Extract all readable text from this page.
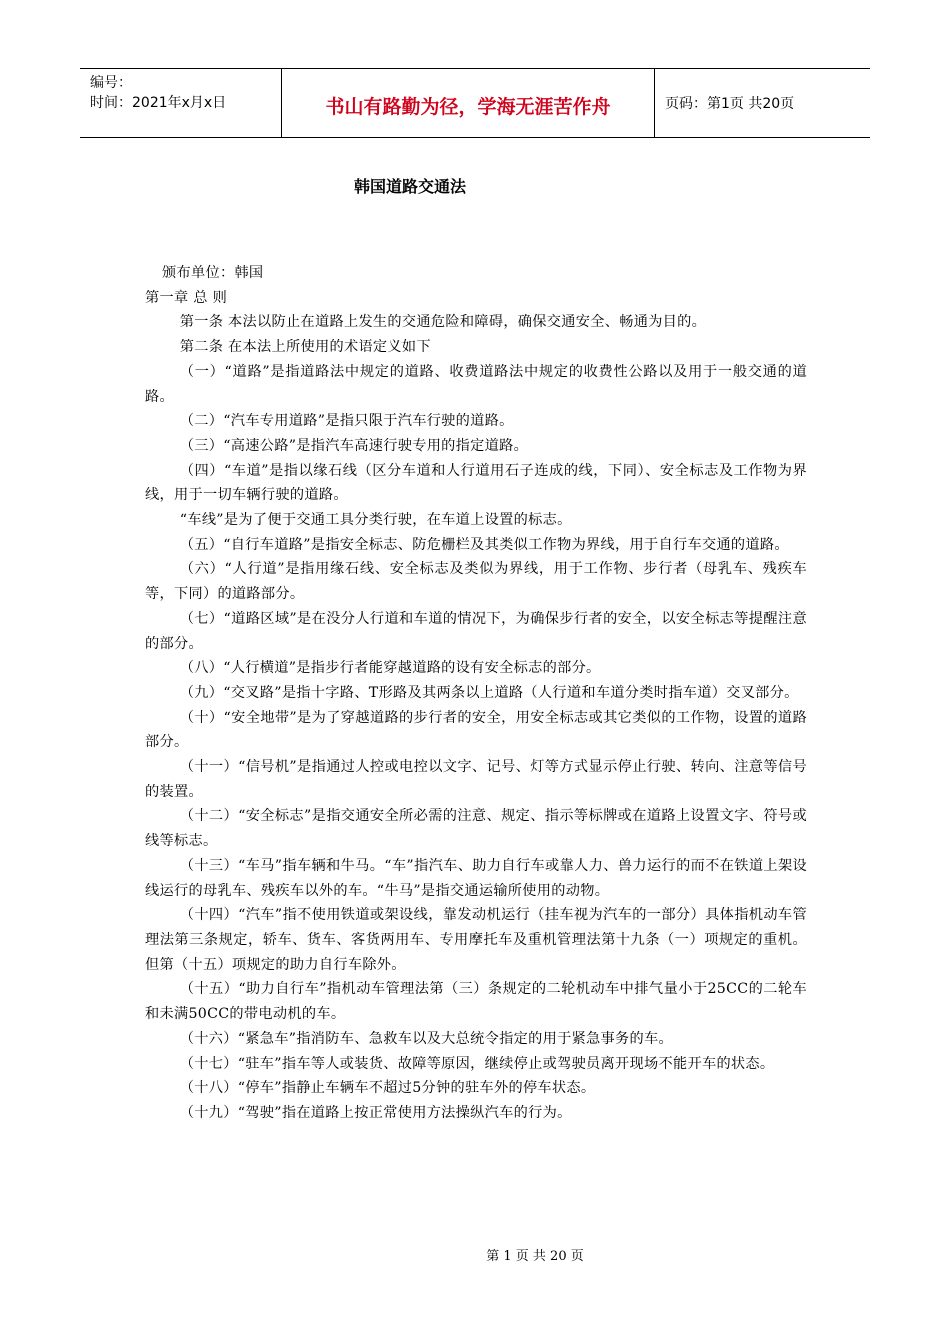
编号：
时间：2021年x月x日	书山有路勤为径，学海无涯苦作舟	页码：第1页 共20页
韩国道路交通法

颁布单位：韩国

第一章 总 则

第一条 本法以防止在道路上发生的交通危险和障碍，确保交通安全、畅通为目的。

第二条 在本法上所使用的术语定义如下

（一）“道路”是指道路法中规定的道路、收费道路法中规定的收费性公路以及用于一般交通的道路。

（二）“汽车专用道路”是指只限于汽车行驶的道路。

（三）“高速公路”是指汽车高速行驶专用的指定道路。

（四）“车道”是指以缘石线（区分车道和人行道用石子连成的线，下同）、安全标志及工作物为界线，用于一切车辆行驶的道路。

“车线”是为了便于交通工具分类行驶，在车道上设置的标志。

（五）“自行车道路”是指安全标志、防危栅栏及其类似工作物为界线，用于自行车交通的道路。

（六）“人行道”是指用缘石线、安全标志及类似为界线，用于工作物、步行者（母乳车、残疾车等，下同）的道路部分。

（七）“道路区域”是在没分人行道和车道的情况下，为确保步行者的安全，以安全标志等提醒注意的部分。

（八）“人行横道”是指步行者能穿越道路的设有安全标志的部分。

（九）“交叉路”是指十字路、T形路及其两条以上道路（人行道和车道分类时指车道）交叉部分。

（十）“安全地带”是为了穿越道路的步行者的安全，用安全标志或其它类似的工作物，设置的道路部分。

（十一）“信号机”是指通过人控或电控以文字、记号、灯等方式显示停止行驶、转向、注意等信号的装置。

（十二）“安全标志”是指交通安全所必需的注意、规定、指示等标牌或在道路上设置文字、符号或线等标志。

（十三）“车马”指车辆和牛马。“车”指汽车、助力自行车或靠人力、兽力运行的而不在铁道上架设线运行的母乳车、残疾车以外的车。“牛马”是指交通运输所使用的动物。

（十四）“汽车”指不使用铁道或架设线，靠发动机运行（挂车视为汽车的一部分）具体指机动车管理法第三条规定，轿车、货车、客货两用车、专用摩托车及重机管理法第十九条（一）项规定的重机。但第（十五）项规定的助力自行车除外。

（十五）“助力自行车”指机动车管理法第（三）条规定的二轮机动车中排气量小于25CC的二轮车和未满50CC的带电动机的车。

（十六）“紧急车”指消防车、急救车以及大总统令指定的用于紧急事务的车。

（十七）“驻车”指车等人或装货、故障等原因，继续停止或驾驶员离开现场不能开车的状态。

（十八）“停车”指静止车辆车不超过5分钟的驻车外的停车状态。

（十九）“驾驶”指在道路上按正常使用方法操纵汽车的行为。

第 1 页 共 20 页
